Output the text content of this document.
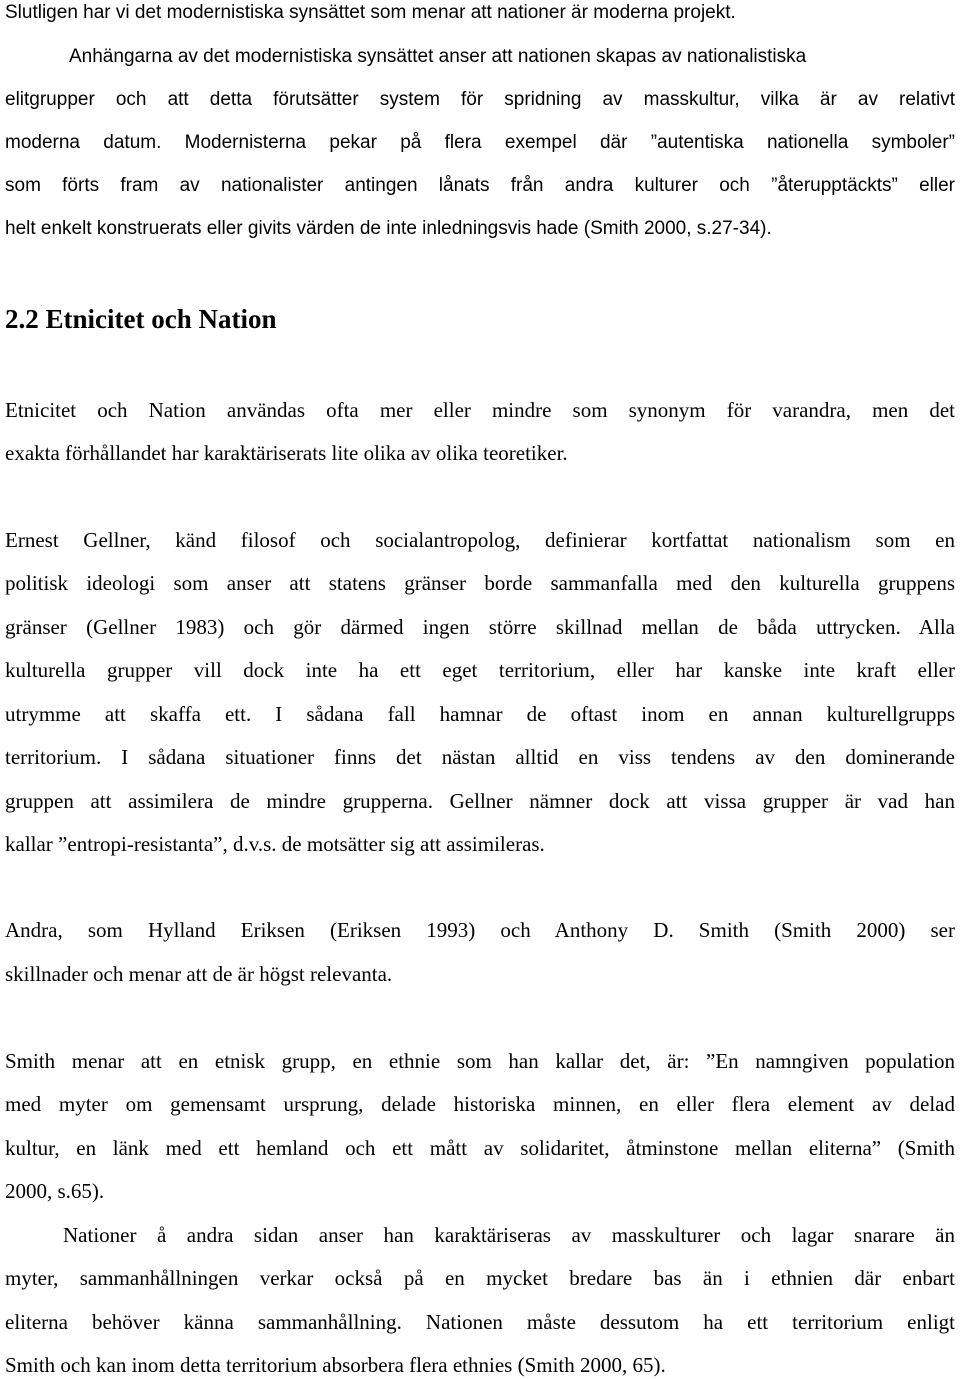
Slutligen har vi det modernistiska synsättet som menar att nationer är moderna projekt.
Anhängarna av det modernistiska synsättet anser att nationen skapas av nationalistiska
elitgrupper och att detta förutsätter system för spridning av masskultur, vilka är av relativt
moderna datum. Modernisterna pekar på flera exempel där ”autentiska nationella symboler”
som förts fram av nationalister antingen lånats från andra kulturer och ”återupptäckts” eller
helt enkelt konstruerats eller givits värden de inte inledningsvis hade (Smith 2000, s.27-34).
2.2 Etnicitet och Nation
Etnicitet och Nation användas ofta mer eller mindre som synonym för varandra, men det
exakta förhållandet har karaktäriserats lite olika av olika teoretiker.
Ernest Gellner, känd filosof och socialantropolog, definierar kortfattat nationalism som en
politisk ideologi som anser att statens gränser borde sammanfalla med den kulturella gruppens
gränser (Gellner 1983) och gör därmed ingen större skillnad mellan de båda uttrycken. Alla
kulturella grupper vill dock inte ha ett eget territorium, eller har kanske inte kraft eller
utrymme att skaffa ett. I sådana fall hamnar de oftast inom en annan kulturellgrupps
territorium. I sådana situationer finns det nästan alltid en viss tendens av den dominerande
gruppen att assimilera de mindre grupperna. Gellner nämner dock att vissa grupper är vad han
kallar ”entropi-resistanta”, d.v.s. de motsätter sig att assimileras.
Andra, som Hylland Eriksen (Eriksen 1993) och Anthony D. Smith (Smith 2000) ser
skillnader och menar att de är högst relevanta.
Smith menar att en etnisk grupp, en ethnie som han kallar det, är: ”En namngiven population
med myter om gemensamt ursprung, delade historiska minnen, en eller flera element av delad
kultur, en länk med ett hemland och ett mått av solidaritet, åtminstone mellan eliterna” (Smith
2000, s.65).
Nationer å andra sidan anser han karaktäriseras av masskulturer och lagar snarare än
myter, sammanhållningen verkar också på en mycket bredare bas än i ethnien där enbart
eliterna behöver känna sammanhållning. Nationen måste dessutom ha ett territorium enligt
Smith och kan inom detta territorium absorbera flera ethnies (Smith 2000, 65).
